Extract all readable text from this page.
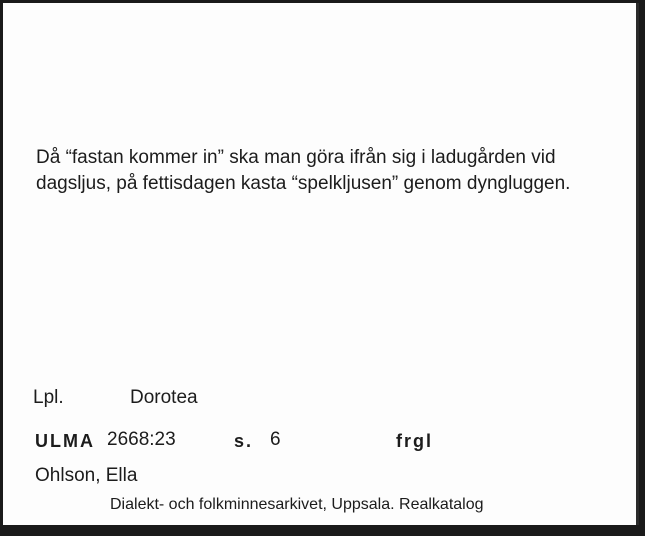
Då “fastan kommer in” ska man göra ifrån sig i ladugården vid dagsljus, på fettisdagen kasta “spelkljusen” genom dyngluggen.

Lpl.	Dorotea
ULMA 2668:23	s. 6	frgl
Ohlson, Ella
Dialekt- och folkminnesarkivet, Uppsala. Realkatalog
